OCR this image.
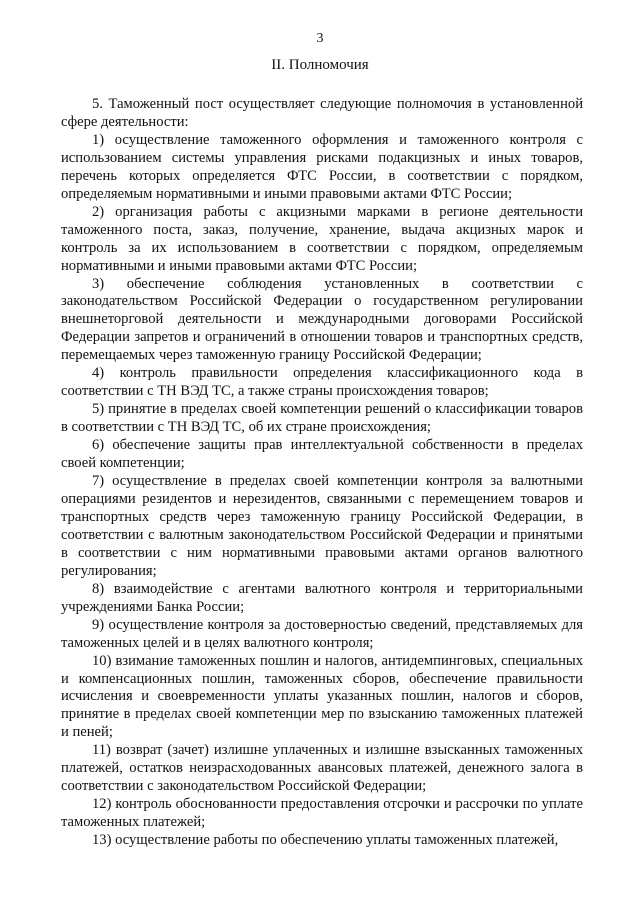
3
II. Полномочия

5. Таможенный пост осуществляет следующие полномочия в установленной сфере деятельности:

1) осуществление таможенного оформления и таможенного контроля с использованием системы управления рисками подакцизных и иных товаров, перечень которых определяется ФТС России, в соответствии с порядком, определяемым нормативными и иными правовыми актами ФТС России;

2) организация работы с акцизными марками в регионе деятельности таможенного поста, заказ, получение, хранение, выдача акцизных марок и контроль за их использованием в соответствии с порядком, определяемым нормативными и иными правовыми актами ФТС России;

3) обеспечение соблюдения установленных в соответствии с законодательством Российской Федерации о государственном регулировании внешнеторговой деятельности и международными договорами Российской Федерации запретов и ограничений в отношении товаров и транспортных средств, перемещаемых через таможенную границу Российской Федерации;

4) контроль правильности определения классификационного кода в соответствии с ТН ВЭД ТС, а также страны происхождения товаров;

5) принятие в пределах своей компетенции решений о классификации товаров в соответствии с ТН ВЭД ТС, об их стране происхождения;

6) обеспечение защиты прав интеллектуальной собственности в пределах своей компетенции;

7) осуществление в пределах своей компетенции контроля за валютными операциями резидентов и нерезидентов, связанными с перемещением товаров и транспортных средств через таможенную границу Российской Федерации, в соответствии с валютным законодательством Российской Федерации и принятыми в соответствии с ним нормативными правовыми актами органов валютного регулирования;

8) взаимодействие с агентами валютного контроля и территориальными учреждениями Банка России;

9) осуществление контроля за достоверностью сведений, представляемых для таможенных целей и в целях валютного контроля;

10) взимание таможенных пошлин и налогов, антидемпинговых, специальных и компенсационных пошлин, таможенных сборов, обеспечение правильности исчисления и своевременности уплаты указанных пошлин, налогов и сборов, принятие в пределах своей компетенции мер по взысканию таможенных платежей и пеней;

11) возврат (зачет) излишне уплаченных и излишне взысканных таможенных платежей, остатков неизрасходованных авансовых платежей, денежного залога в соответствии с законодательством Российской Федерации;

12) контроль обоснованности предоставления отсрочки и рассрочки по уплате таможенных платежей;

13) осуществление работы по обеспечению уплаты таможенных платежей,
